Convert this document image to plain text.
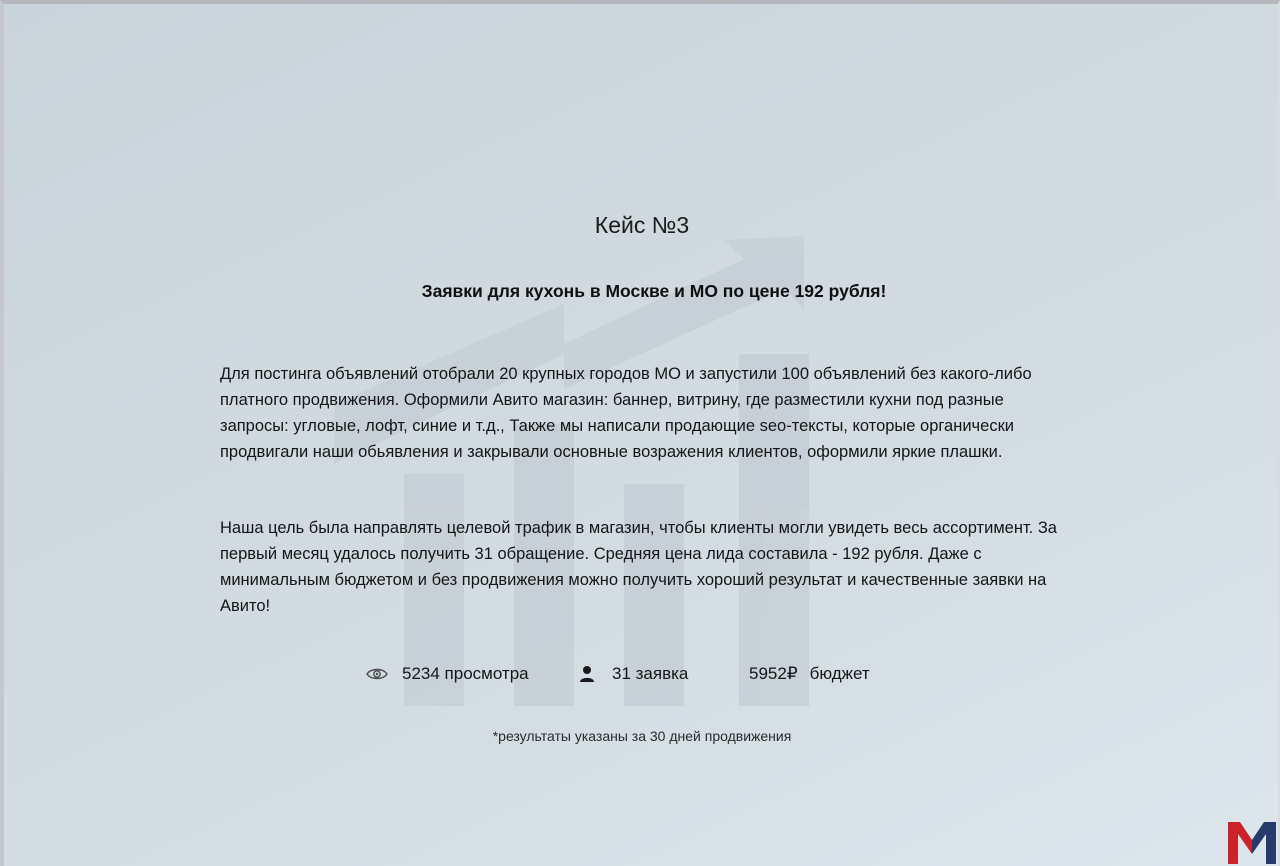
Кейс №3
Заявки для кухонь в Москве и МО по цене 192 рубля!
Для постинга объявлений отобрали 20 крупных городов МО и запустили 100 объявлений без какого-либо платного продвижения. Оформили Авито магазин: баннер, витрину, где разместили кухни под разные запросы: угловые, лофт, синие и т.д., Также мы написали продающие seo-тексты, которые органически продвигали наши обьявления и закрывали основные возражения клиентов, оформили яркие плашки.
Наша цель была направлять целевой трафик в магазин, чтобы клиенты могли увидеть весь ассортимент. За первый месяц удалось получить 31 обращение. Средняя цена лида составила - 192 рубля. Даже с минимальным бюджетом и без продвижения можно получить хороший результат и качественные заявки на Авито!
5234 просмотра	31 заявка	5952₽ бюджет
*результаты указаны за 30 дней продвижения
